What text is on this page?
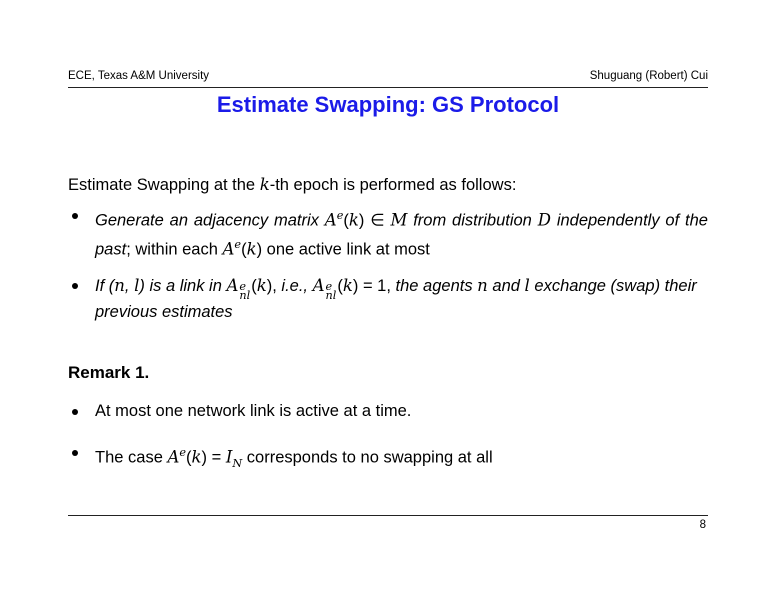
ECE, Texas A&M University	Shuguang (Robert) Cui
Estimate Swapping: GS Protocol

Estimate Swapping at the k-th epoch is performed as follows:

Generate an adjacency matrix $A^e(k)$ ∈ M from distribution D independently of the past; within each $A^e(k)$ one active link at most
If (n, l) is a link in A e
nl
(k), i.e., A e
nl
(k) = 1, the agents n and l exchange (swap) their previous estimates

Remark 1.

At most one network link is active at a time.
The case $A^e(k) = I_N$ corresponds to no swapping at all
8
